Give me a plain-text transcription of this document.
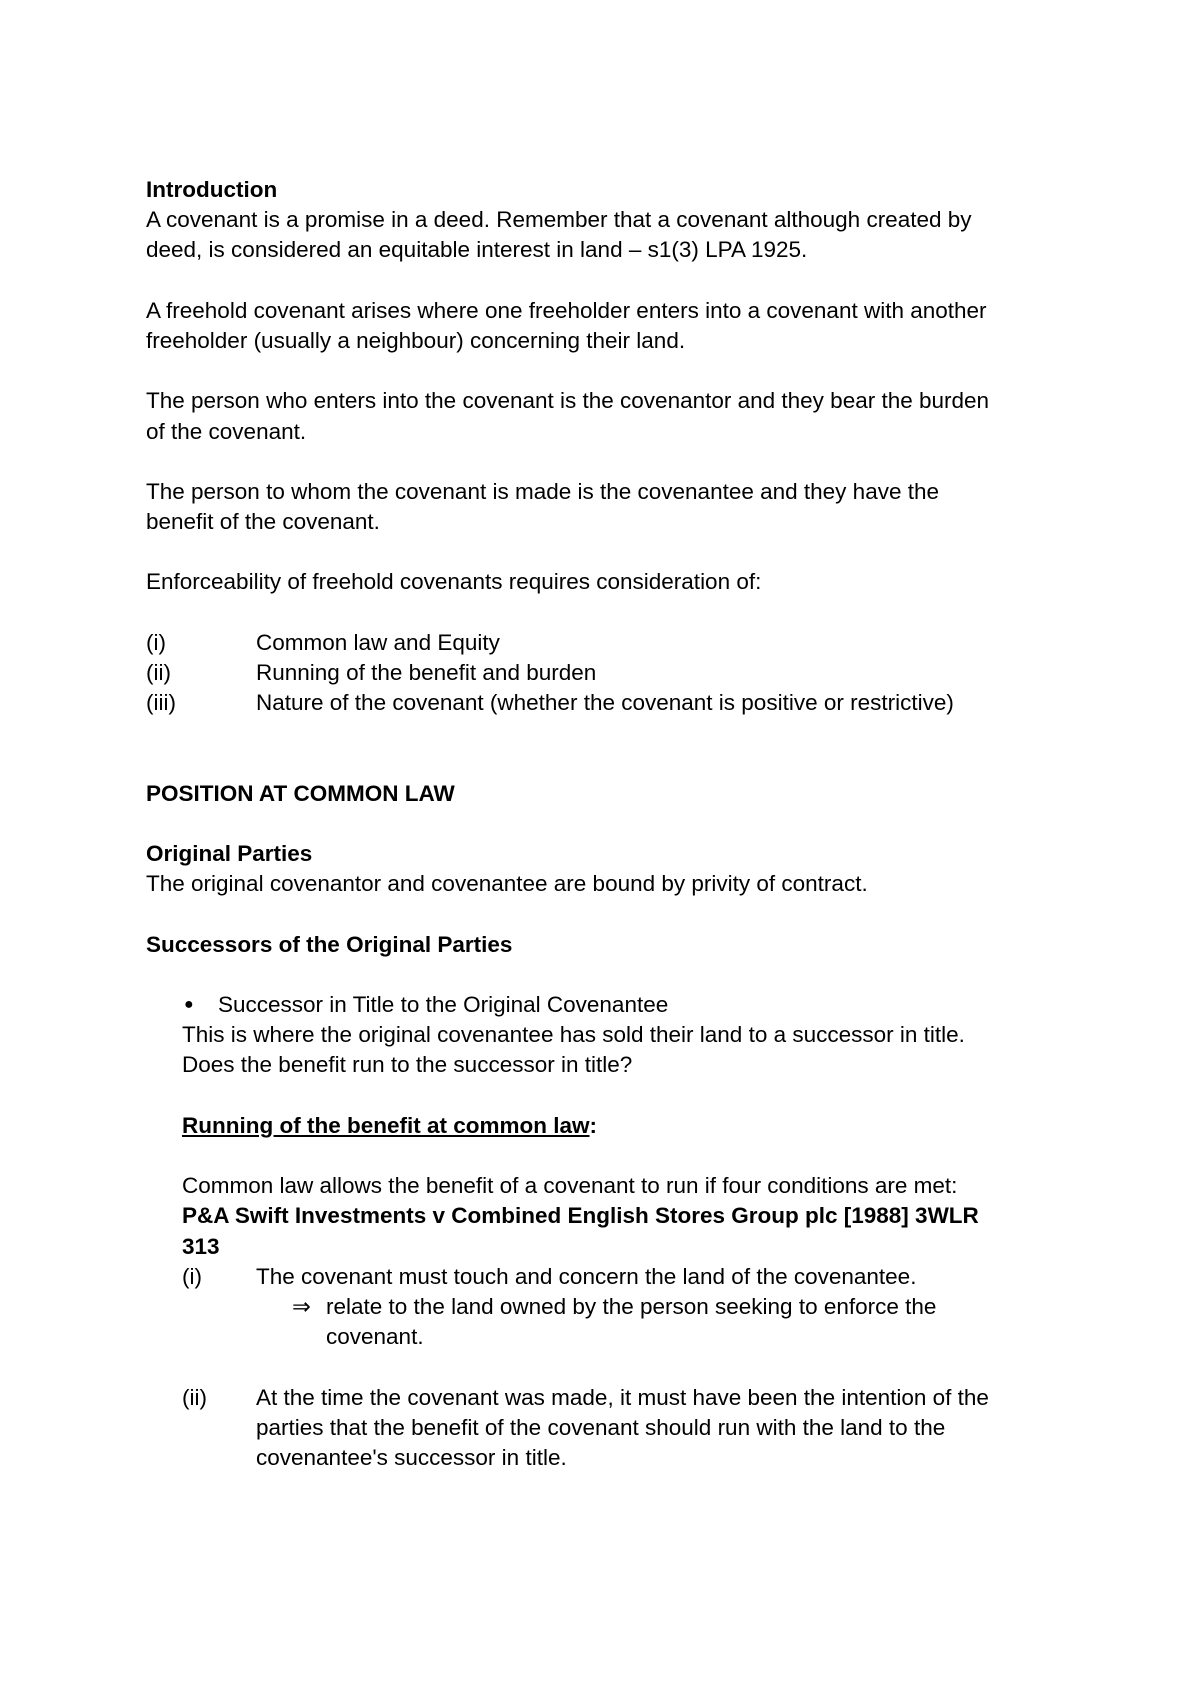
Introduction
A covenant is a promise in a deed. Remember that a covenant although created by
deed, is considered an equitable interest in land – s1(3) LPA 1925.
A freehold covenant arises where one freeholder enters into a covenant with another
freeholder (usually a neighbour) concerning their land.
The person who enters into the covenant is the covenantor and they bear the burden
of the covenant.
The person to whom the covenant is made is the covenantee and they have the
benefit of the covenant.
Enforceability of freehold covenants requires consideration of:
(i)	Common law and Equity
(ii)	Running of the benefit and burden
(iii)	Nature of the covenant (whether the covenant is positive or restrictive)
POSITION AT COMMON LAW
Original Parties
The original covenantor and covenantee are bound by privity of contract.
Successors of the Original Parties
●	Successor in Title to the Original Covenantee
This is where the original covenantee has sold their land to a successor in title.
Does the benefit run to the successor in title?
Running of the benefit at common law:
Common law allows the benefit of a covenant to run if four conditions are met:
P&A Swift Investments v Combined English Stores Group plc [1988] 3WLR
313
(i)	The covenant must touch and concern the land of the covenantee.
⇒ relate to the land owned by the person seeking to enforce the
covenant.
(ii)	At the time the covenant was made, it must have been the intention of the
parties that the benefit of the covenant should run with the land to the
covenantee's successor in title.
